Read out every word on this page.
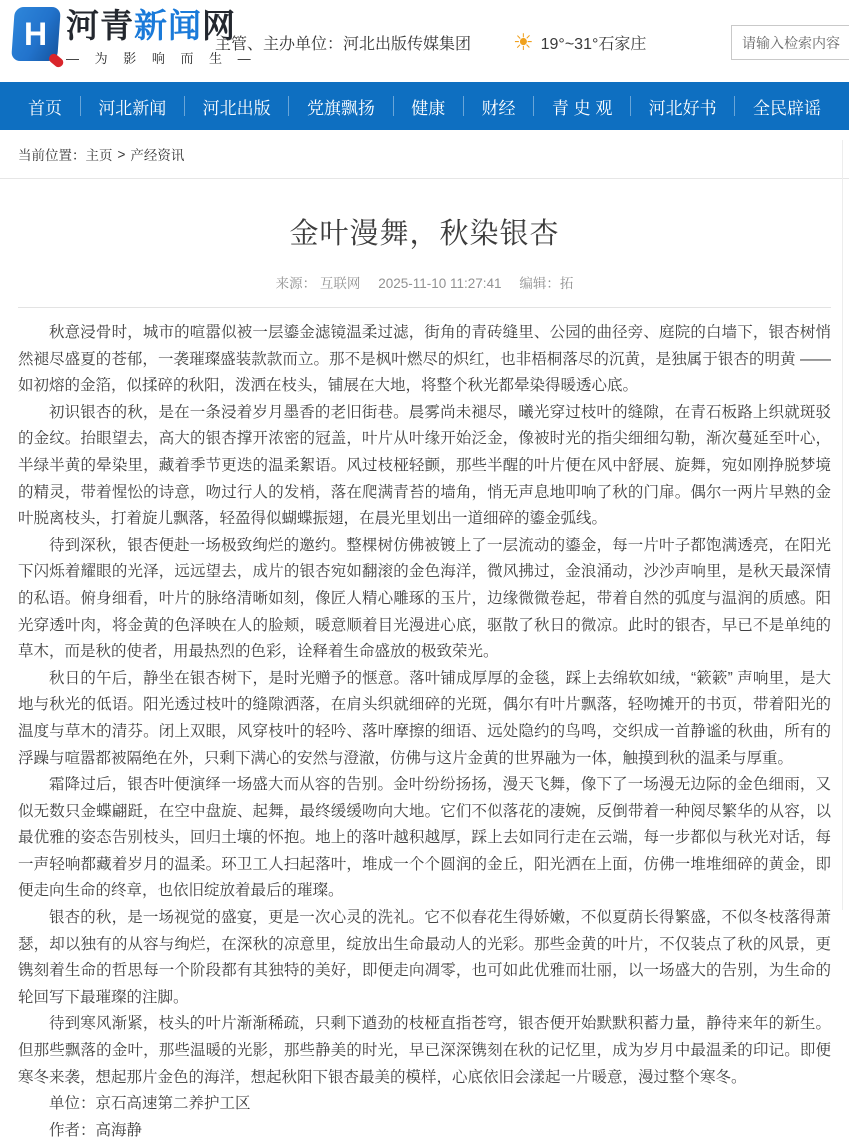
H 河青新闻网
— 为 影 响 而 生 —
主管、主办单位：河北出版传媒集团 ☀ 19°~31°石家庄
请输入检索内容
首页 河北新闻 河北出版 党旗飘扬 健康 财经 青 史 观 河北好书 全民辟谣
当前位置： 主页 > 产经资讯
金叶漫舞，秋染银杏
来源： 互联网 2025-11-10 11:27:41 编辑：拓

秋意浸骨时，城市的喧嚣似被一层鎏金滤镜温柔过滤，街角的青砖缝里、公园的曲径旁、庭院的白墙下，银杏树悄然褪尽盛夏的苍郁，一袭璀璨盛装款款而立。那不是枫叶燃尽的炽红，也非梧桐落尽的沉黄，是独属于银杏的明黄 —— 如初熔的金箔，似揉碎的秋阳，泼洒在枝头，铺展在大地，将整个秋光都晕染得暖透心底。

初识银杏的秋，是在一条浸着岁月墨香的老旧街巷。晨雾尚未褪尽，曦光穿过枝叶的缝隙，在青石板路上织就斑驳的金纹。抬眼望去，高大的银杏撑开浓密的冠盖，叶片从叶缘开始泛金，像被时光的指尖细细勾勒，渐次蔓延至叶心，半绿半黄的晕染里，藏着季节更迭的温柔絮语。风过枝桠轻颤，那些半醒的叶片便在风中舒展、旋舞，宛如刚挣脱梦境的精灵，带着惺忪的诗意，吻过行人的发梢，落在爬满青苔的墙角，悄无声息地叩响了秋的门扉。偶尔一两片早熟的金叶脱离枝头，打着旋儿飘落，轻盈得似蝴蝶振翅，在晨光里划出一道细碎的鎏金弧线。

待到深秋，银杏便赴一场极致绚烂的邀约。整棵树仿佛被镀上了一层流动的鎏金，每一片叶子都饱满透亮，在阳光下闪烁着耀眼的光泽，远远望去，成片的银杏宛如翻滚的金色海洋，微风拂过，金浪涌动，沙沙声响里，是秋天最深情的私语。俯身细看，叶片的脉络清晰如刻，像匠人精心雕琢的玉片，边缘微微卷起，带着自然的弧度与温润的质感。阳光穿透叶肉，将金黄的色泽映在人的脸颊，暖意顺着目光漫进心底，驱散了秋日的微凉。此时的银杏，早已不是单纯的草木，而是秋的使者，用最热烈的色彩，诠释着生命盛放的极致荣光。

秋日的午后，静坐在银杏树下，是时光赠予的惬意。落叶铺成厚厚的金毯，踩上去绵软如绒，“簌簌” 声响里，是大地与秋光的低语。阳光透过枝叶的缝隙洒落，在肩头织就细碎的光斑，偶尔有叶片飘落，轻吻摊开的书页，带着阳光的温度与草木的清芬。闭上双眼，风穿枝叶的轻吟、落叶摩擦的细语、远处隐约的鸟鸣，交织成一首静谧的秋曲，所有的浮躁与喧嚣都被隔绝在外，只剩下满心的安然与澄澈，仿佛与这片金黄的世界融为一体，触摸到秋的温柔与厚重。

霜降过后，银杏叶便演绎一场盛大而从容的告别。金叶纷纷扬扬，漫天飞舞，像下了一场漫无边际的金色细雨，又似无数只金蝶翩跹，在空中盘旋、起舞，最终缓缓吻向大地。它们不似落花的凄婉，反倒带着一种阅尽繁华的从容，以最优雅的姿态告别枝头，回归土壤的怀抱。地上的落叶越积越厚，踩上去如同行走在云端，每一步都似与秋光对话，每一声轻响都藏着岁月的温柔。环卫工人扫起落叶，堆成一个个圆润的金丘，阳光洒在上面，仿佛一堆堆细碎的黄金，即便走向生命的终章，也依旧绽放着最后的璀璨。

银杏的秋，是一场视觉的盛宴，更是一次心灵的洗礼。它不似春花生得娇嫩，不似夏荫长得繁盛，不似冬枝落得萧瑟，却以独有的从容与绚烂，在深秋的凉意里，绽放出生命最动人的光彩。那些金黄的叶片，不仅装点了秋的风景，更镌刻着生命的哲思每一个阶段都有其独特的美好，即便走向凋零，也可如此优雅而壮丽，以一场盛大的告别，为生命的轮回写下最璀璨的注脚。

待到寒风渐紧，枝头的叶片渐渐稀疏，只剩下遒劲的枝桠直指苍穹，银杏便开始默默积蓄力量，静待来年的新生。但那些飘落的金叶，那些温暖的光影，那些静美的时光，早已深深镌刻在秋的记忆里，成为岁月中最温柔的印记。即便寒冬来袭，想起那片金色的海洋，想起秋阳下银杏最美的模样，心底依旧会漾起一片暖意，漫过整个寒冬。

单位：京石高速第二养护工区

作者：高海静
